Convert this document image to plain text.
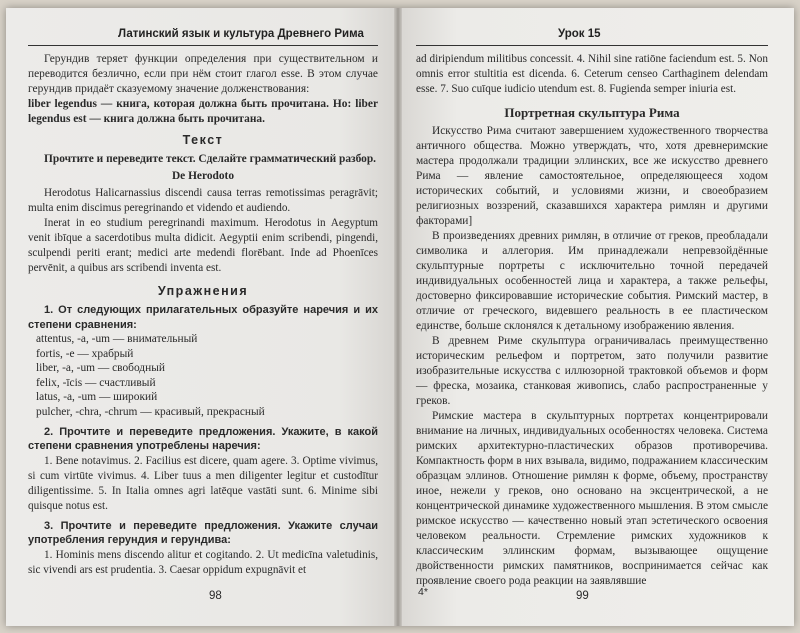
Латинский язык и культура Древнего Рима

Герундив теряет функции определения при существительном и переводится безлично, если при нём стоит глагол esse. В этом случае герундив придаёт сказуемому значение долженствования:

liber legendus — книга, которая должна быть прочитана. Но: liber legendus est — книга должна быть прочитана.

Текст

Прочтите и переведите текст. Сделайте грамматический разбор.

De Herodoto

Herodotus Halicarnassius discendi causa terras remotissimas peragrāvit; multa enim discimus peregrinando et videndo et audiendo.

Inerat in eo studium peregrinandi maximum. Herodotus in Aegyptum venit ibīque a sacerdotibus multa didicit. Aegyptii enim scribendi, pingendi, sculpendi periti erant; medici arte medendi florēbant. Inde ad Phoenīces pervēnit, a quibus ars scribendi inventa est.

Упражнения

1. От следующих прилагательных образуйте наречия и их степени сравнения:

attentus, -a, -um — внимательный
fortis, -e — храбрый
liber, -a, -um — свободный
felix, -īcis — счастливый
latus, -a, -um — широкий
pulcher, -chra, -chrum — красивый, прекрасный

2. Прочтите и переведите предложения. Укажите, в какой степени сравнения употреблены наречия:

1. Bene notavimus. 2. Facilius est dicere, quam agere. 3. Optime vivimus, si cum virtūte vivimus. 4. Liber tuus a men diligenter legitur et custodītur diligentissime. 5. In Italia omnes agri latēque vastāti sunt. 6. Minime sibi quisque notus est.

3. Прочтите и переведите предложения. Укажите случаи употребления герундия и герундива:

1. Hominis mens discendo alitur et cogitando. 2. Ut medicīna valetudinis, sic vivendi ars est prudentia. 3. Caesar oppidum expugnāvit et

98
Урок 15

ad diripiendum militibus concessit. 4. Nihil sine ratiōne faciendum est. 5. Non omnis error stultitia est dicenda. 6. Ceterum censeo Carthaginem delendam esse. 7. Suo cuīque iudicio utendum est. 8. Fugienda semper iniuria est.

Портретная скульптура Рима

Искусство Рима считают завершением художественного творчества античного общества. Можно утверждать, что, хотя древнеримские мастера продолжали традиции эллинских, все же искусство древнего Рима — явление самостоятельное, определяющееся ходом исторических событий, и условиями жизни, и своеобразием религиозных воззрений, сказавшихся характера римлян и другими факторами]

В произведениях древних римлян, в отличие от греков, преобладали символика и аллегория. Им принадлежали непревзойдённые скульптурные портреты с исключительно точной передачей индивидуальных особенностей лица и характера, а также рельефы, достоверно фиксировавшие исторические события. Римский мастер, в отличие от греческого, видевшего реальность в ее пластическом единстве, больше склонялся к детальному изображению явления.

В древнем Риме скульптура ограничивалась преимущественно историческим рельефом и портретом, зато получили развитие изобразительные искусства с иллюзорной трактовкой объемов и форм — фреска, мозаика, станковая живопись, слабо распространенные у греков.

Римские мастера в скульптурных портретах концентрировали внимание на личных, индивидуальных особенностях человека. Система римских архитектурно-пластических образов противоречива. Компактность форм в них взывала, видимо, подражанием классическим образцам эллинов. Отношение римлян к форме, объему, пространству иное, нежели у греков, оно основано на эксцентрической, а не концентрической динамике художественного мышления. В этом смысле римское искусство — качественно новый этап эстетического освоения человеком реальности. Стремление римских художников к классическим эллинским формам, вызывающее ощущение двойственности римских памятников, воспринимается сейчас как проявление своего рода реакции на заявлявшие

4*	99
